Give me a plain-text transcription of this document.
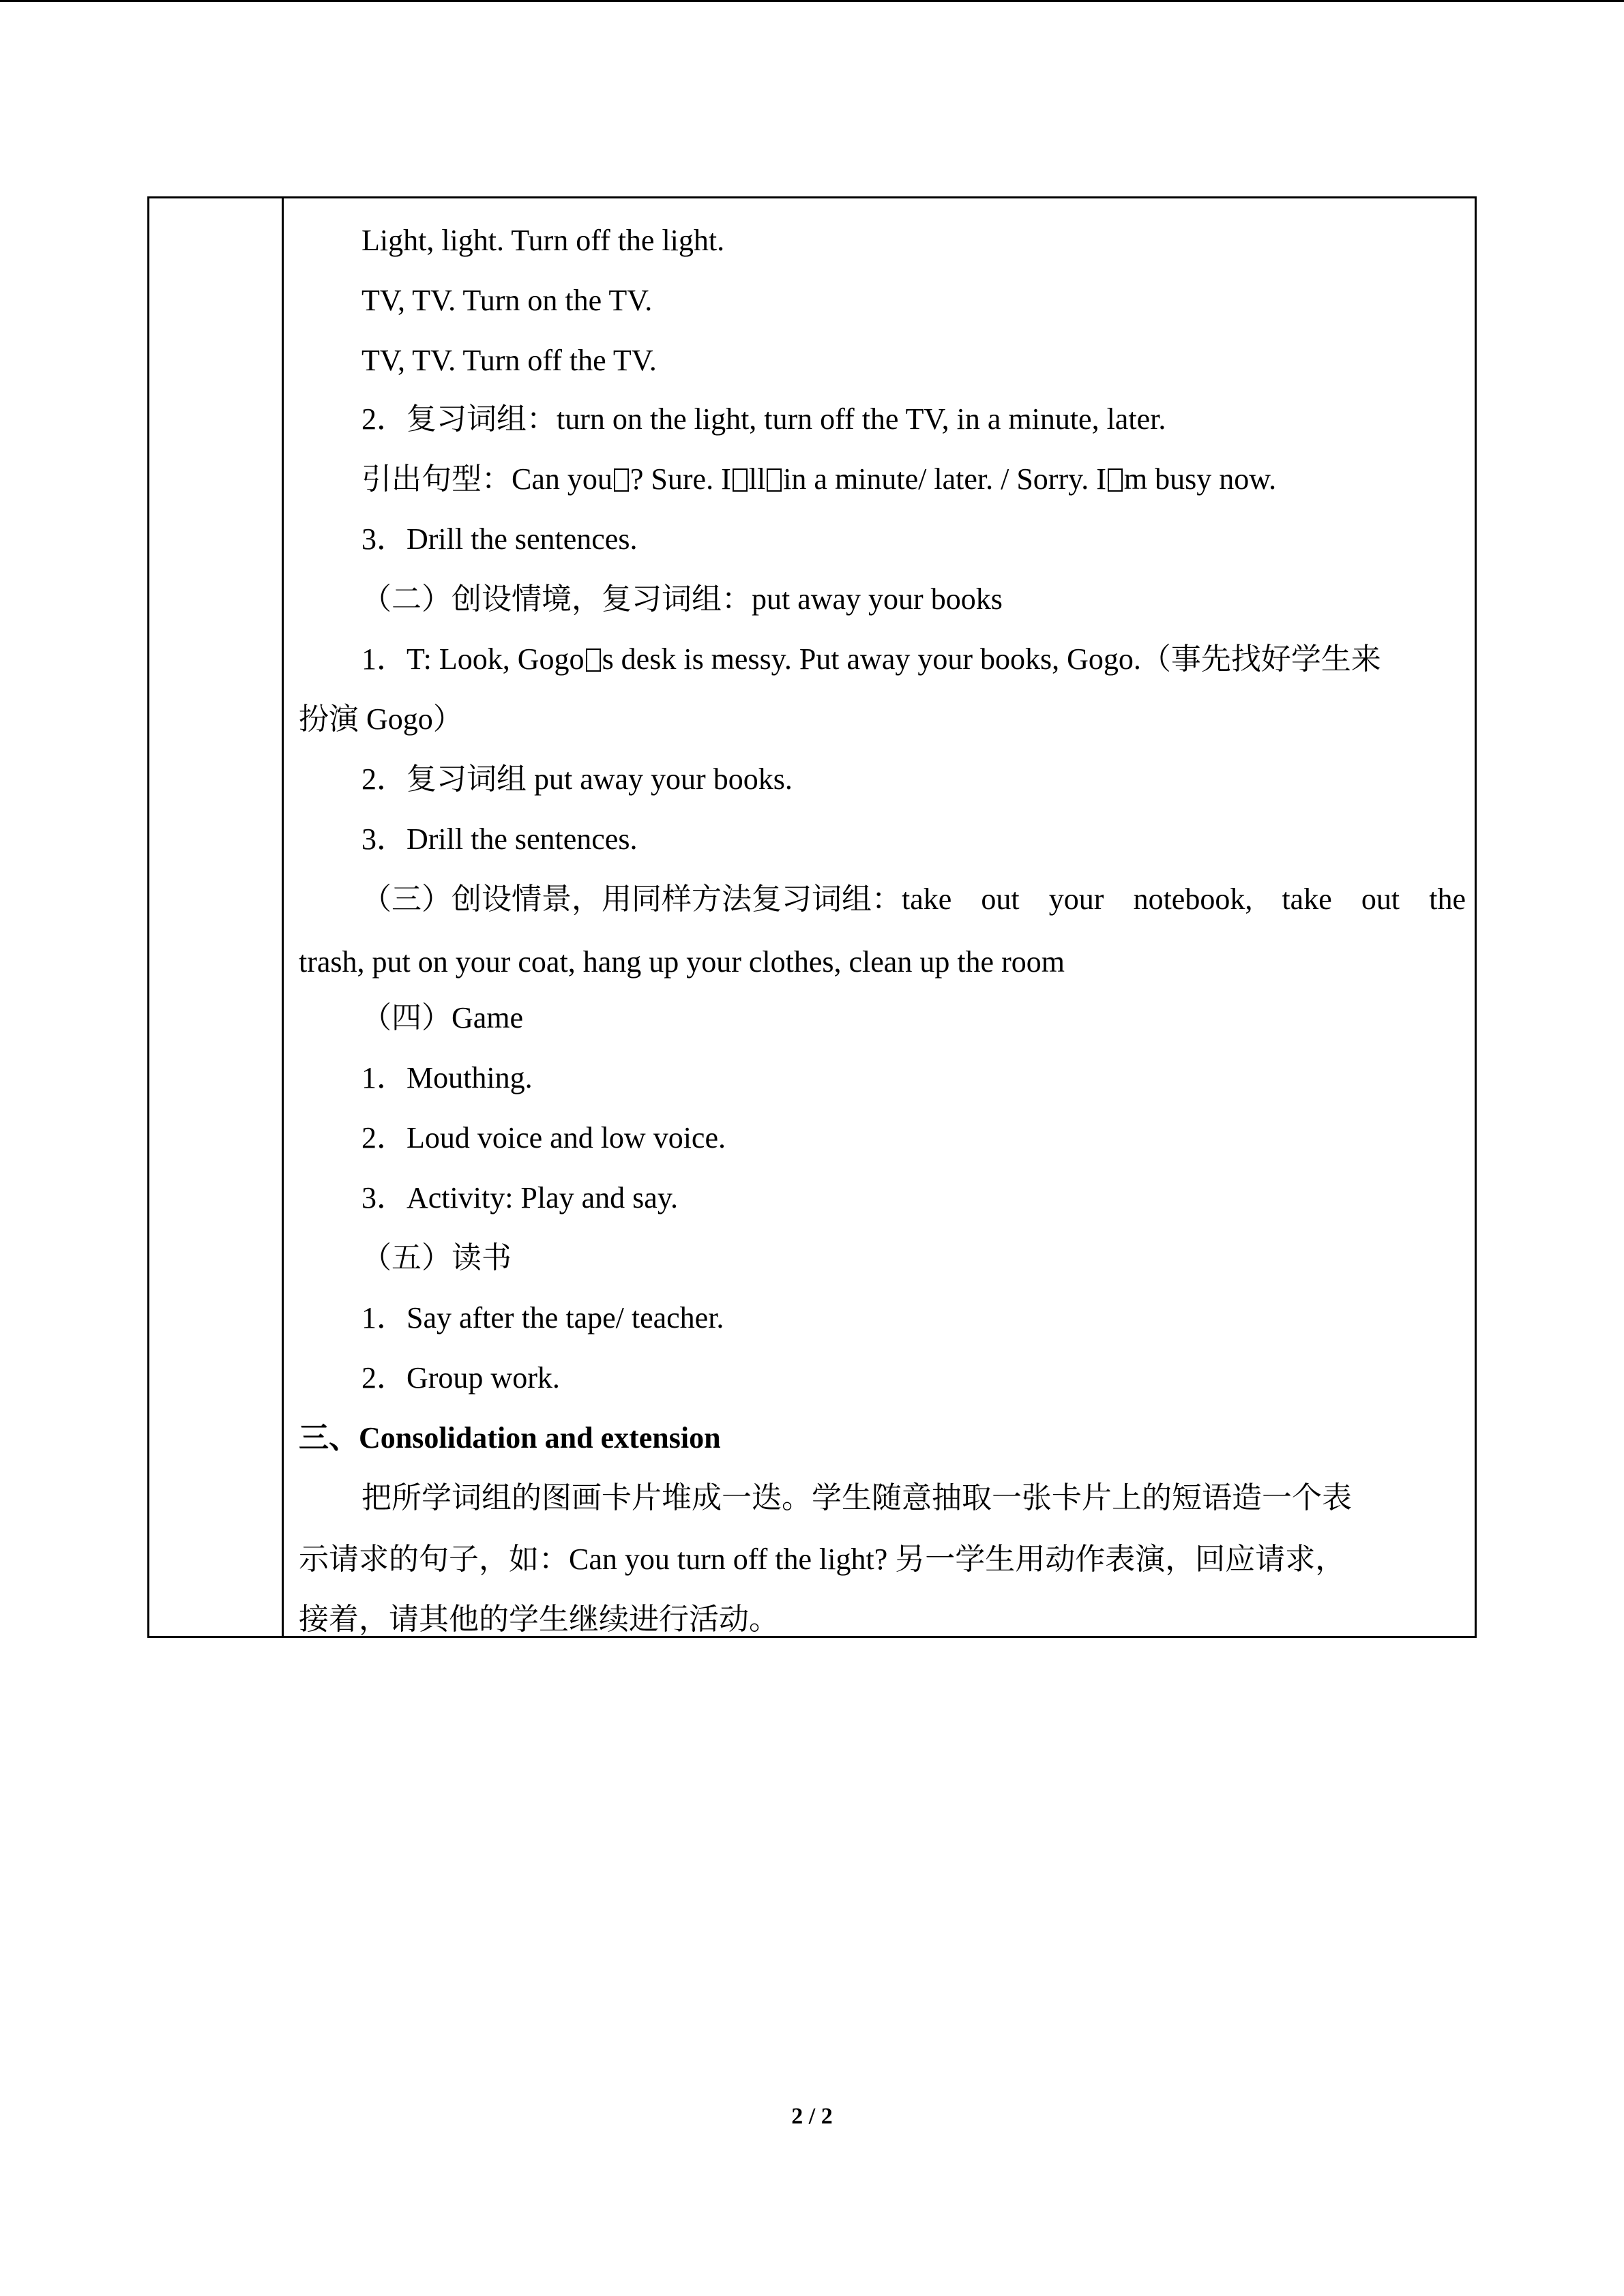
Light, light. Turn off the light.
TV, TV. Turn on the TV.
TV, TV. Turn off the TV.
2．复习词组：turn on the light, turn off the TV, in a minute, later.
引出句型：Can you ? Sure. I ll in a minute/ later. / Sorry. I m busy now.
3．Drill the sentences.
（二）创设情境，复习词组：put away your books
1．T: Look, Gogo s desk is messy. Put away your books, Gogo.（事先找好学生来
扮演 Gogo）
2．复习词组 put away your books.
3．Drill the sentences.
（三）创设情景，用同样方法复习词组：take out your notebook, take out the
trash, put on your coat, hang up your clothes, clean up the room
（四）Game
1．Mouthing.
2．Loud voice and low voice.
3．Activity: Play and say.
（五）读书
1．Say after the tape/ teacher.
2．Group work.
三、Consolidation and extension
把所学词组的图画卡片堆成一迭。学生随意抽取一张卡片上的短语造一个表
示请求的句子，如：Can you turn off the light? 另一学生用动作表演，回应请求，
接着，请其他的学生继续进行活动。
2 / 2
